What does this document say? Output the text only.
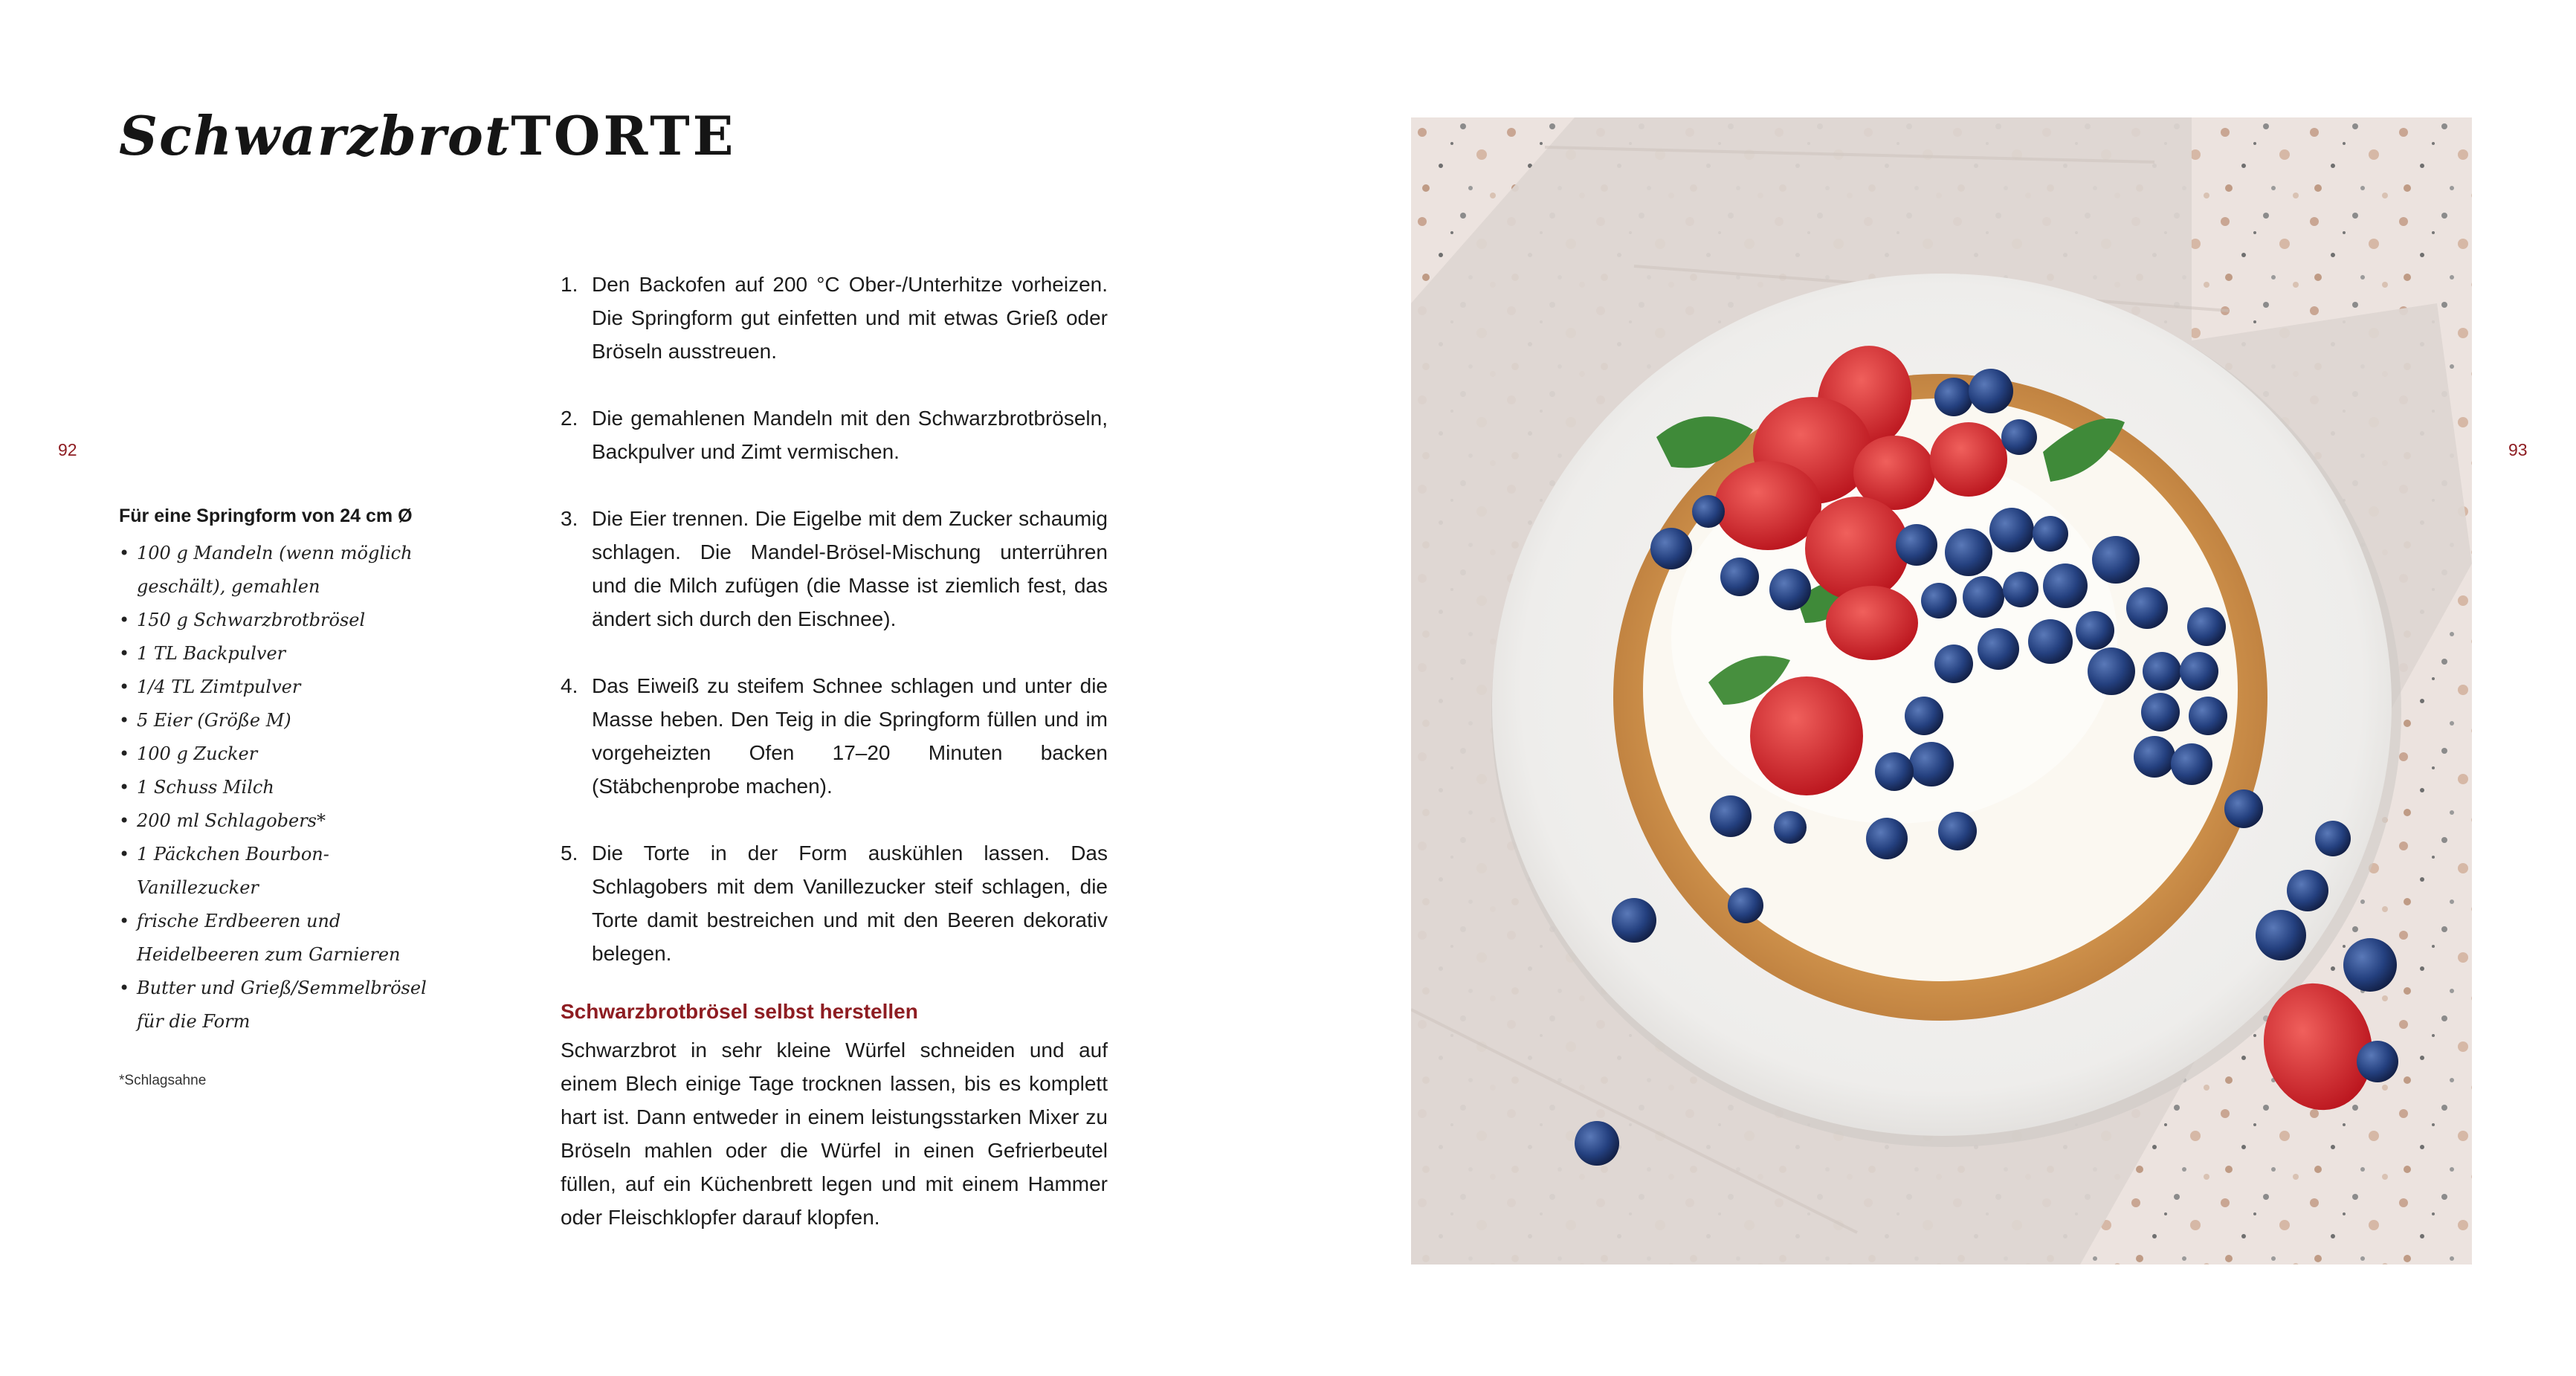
SchwarzbrotTORTE
92

Für eine Springform von 24 cm Ø

• 100 g Mandeln (wenn möglich geschält), gemahlen
• 150 g Schwarzbrotbrösel
• 1 TL Backpulver
• 1/4 TL Zimtpulver
• 5 Eier (Größe M)
• 100 g Zucker
• 1 Schuss Milch
• 200 ml Schlagobers*
• 1 Päckchen Bourbon-Vanillezucker
• frische Erdbeeren und Heidelbeeren zum Garnieren
• Butter und Grieß/Semmelbrösel für die Form
*Schlagsahne
1. Den Backofen auf 200 °C Ober-/Unterhitze vorheizen. Die Springform gut einfetten und mit etwas Grieß oder Bröseln ausstreuen.
2. Die gemahlenen Mandeln mit den Schwarzbrotbröseln, Backpulver und Zimt vermischen.
3. Die Eier trennen. Die Eigelbe mit dem Zucker schaumig schlagen. Die Mandel-Brösel-Mischung unterrühren und die Milch zufügen (die Masse ist ziemlich fest, das ändert sich durch den Eischnee).
4. Das Eiweiß zu steifem Schnee schlagen und unter die Masse heben. Den Teig in die Springform füllen und im vorgeheizten Ofen 17–20 Minuten backen (Stäbchenprobe machen).
5. Die Torte in der Form auskühlen lassen. Das Schlagobers mit dem Vanillezucker steif schlagen, die Torte damit bestreichen und mit den Beeren dekorativ belegen.

Schwarzbrotbrösel selbst herstellen

Schwarzbrot in sehr kleine Würfel schneiden und auf einem Blech einige Tage trocknen lassen, bis es komplett hart ist. Dann entweder in einem leistungsstarken Mixer zu Bröseln mahlen oder die Würfel in einen Gefrierbeutel füllen, auf ein Küchenbrett legen und mit einem Hammer oder Fleischklopfer darauf klopfen.

93
